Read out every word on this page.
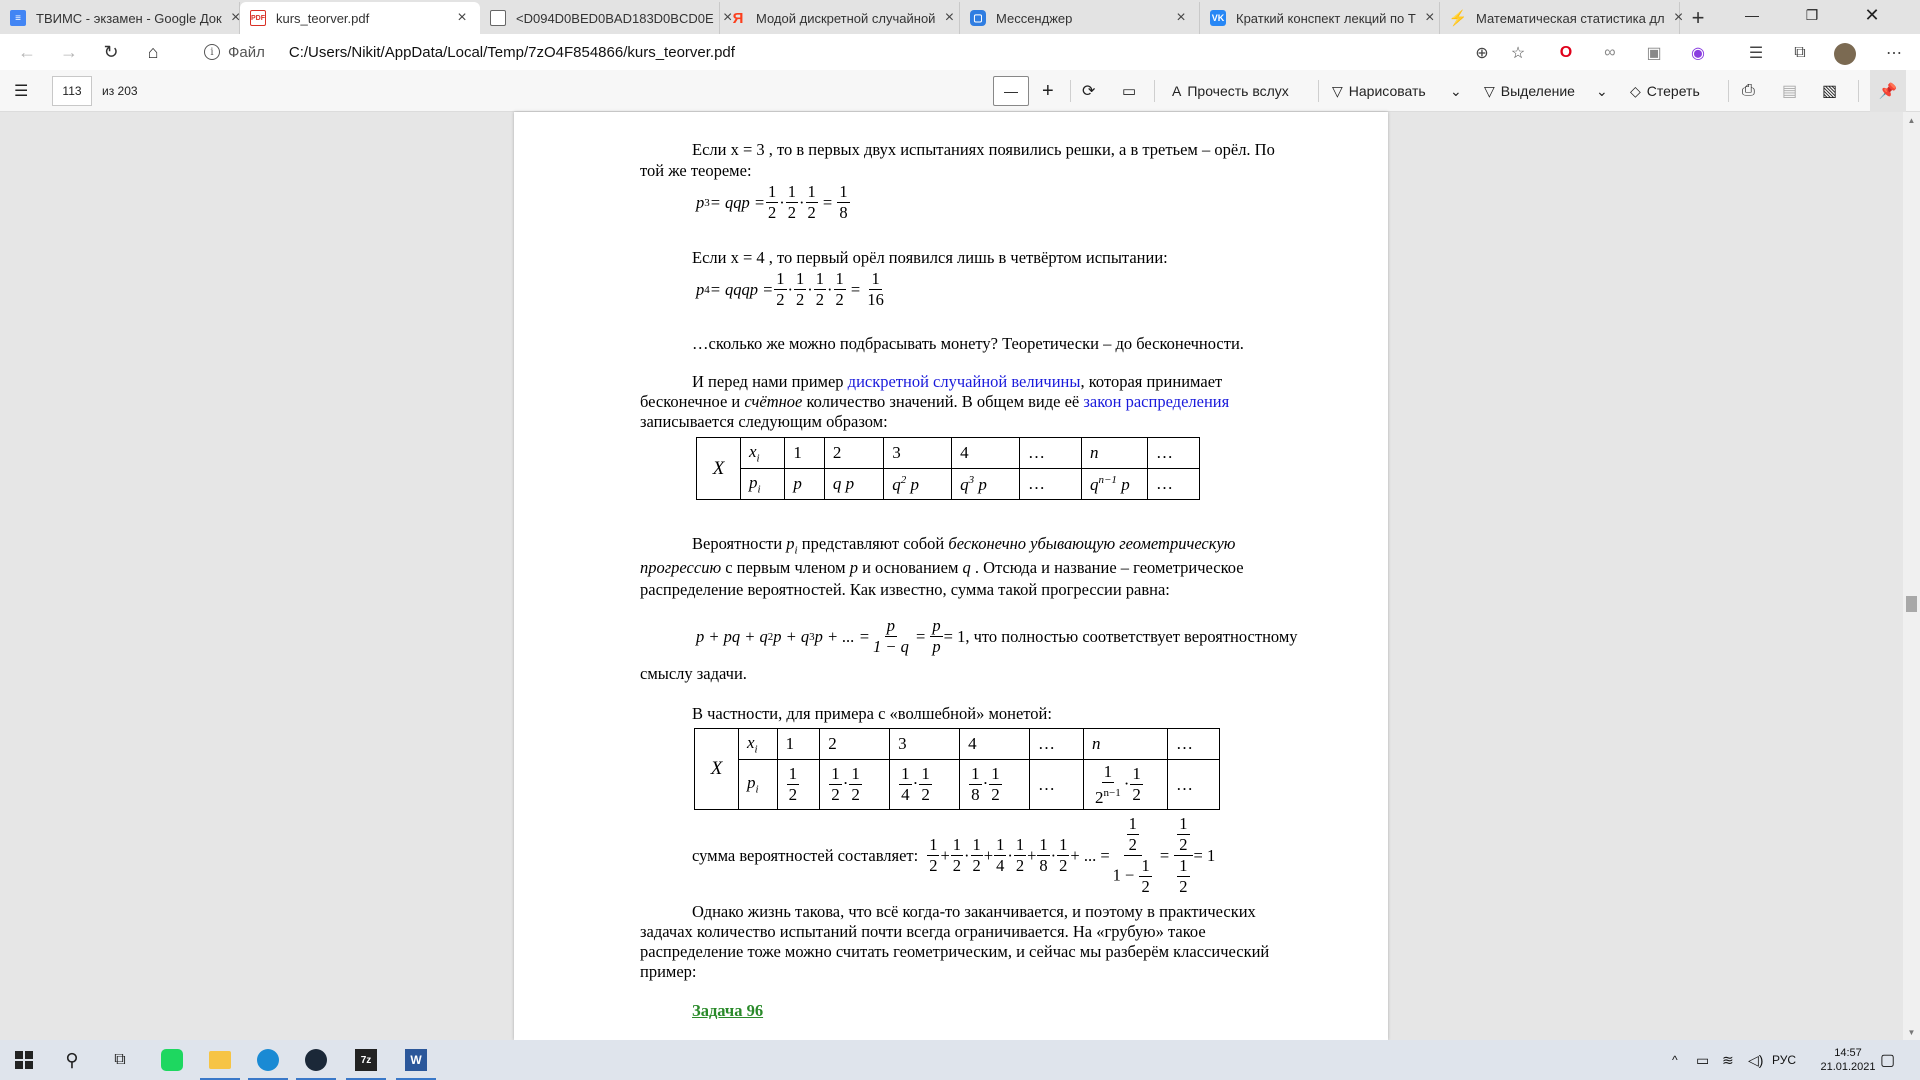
≡	ТВИМС - экзамен - Google Док ×	PDF kurs_teorver.pdf	×	<D094D0BED0BAD183D0BCD0E × Я Модой дискретной случайной ×	▢ Мессенджер	×	VK Краткий конспект лекций по Т × ⚡ Математическая статистика дл × +	—	❐	✕
←	→	↻	⌂	i Файл C:/Users/Nikit/AppData/Local/Temp/7zO4F854866/kurs_teorver.pdf	⊕ ☆ O ∞ ▣ ◉	☰ ⧉	⋯
☰	113	из 203	—	+ ⟳ ▭	A Прочесть вслух	▽ Нарисовать ⌄ ▽ Выделение ⌄ ◇ Стереть	⎙ ▤ ▧	📌
Если x = 3 , то в первых двух испытаниях появились решки, а в третьем – орёл. По
той же теореме:
p 3 = qqp = $\frac{1}{2} \cdot \frac{1}{2} \cdot \frac{1}{2} = \frac{1}{8}$
Если x = 4 , то первый орёл появился лишь в четвёртом испытании:
p 4 = qqqp = $\frac{1}{2} \cdot \frac{1}{2} \cdot \frac{1}{2} \cdot \frac{1}{2} = \frac{1}{16}$
…сколько же можно подбрасывать монету? Теоретически – до бесконечности.
И перед нами пример дискретной случайной величины, которая принимает
бесконечное и счётное количество значений. В общем виде её закон распределения
записывается следующим образом:
X	$x_i$	1	2	3	4	…	n	…
	$p_i$	p	q p	$q^2$ p	$q^3$ p	…	$q^{n-1}$ p	…
Вероятности $p_i$ представляют собой бесконечно убывающую геометрическую
прогрессию с первым членом p и основанием q . Отсюда и название – геометрическое
распределение вероятностей. Как известно, сумма такой прогрессии равна:
p + pq + q 2 p + q 3 p + ... = $\frac{p}{1 - q} = \frac{p}{p} = 1$ , что полностью соответствует вероятностному
смыслу задачи.
В частности, для примера с «волшебной» монетой:
X	$x_i$	1	2	3	4	…	n	…
	$p_i$	$\frac{1}{2}$	$\frac{1}{2} \cdot \frac{1}{2}$	$\frac{1}{4} \cdot \frac{1}{2}$	$\frac{1}{8} \cdot \frac{1}{2}$	…	$\frac{1}{2^{n-1}} \cdot \frac{1}{2}$	…
сумма вероятностей составляет: $\frac{1}{2} + \frac{1}{2} \cdot \frac{1}{2} + \frac{1}{4} \cdot \frac{1}{2} + \frac{1}{8} \cdot \frac{1}{2}$ + ... = $\frac{\frac{1}{2}}{1 - \frac{1}{2}} = \frac{\frac{1}{2}}{\frac{1}{2}} = 1$
Однако жизнь такова, что всё когда-то заканчивается, и поэтому в практических
задачах количество испытаний почти всегда ограничивается. На «грубую» такое
распределение тоже можно считать геометрическим, и сейчас мы разберём классический
пример:
Задача 96
▲
▼
⚲	⧉	7z	W	^ ▭ ≋ ◁) РУС	14:57
21.01.2021 ▢
